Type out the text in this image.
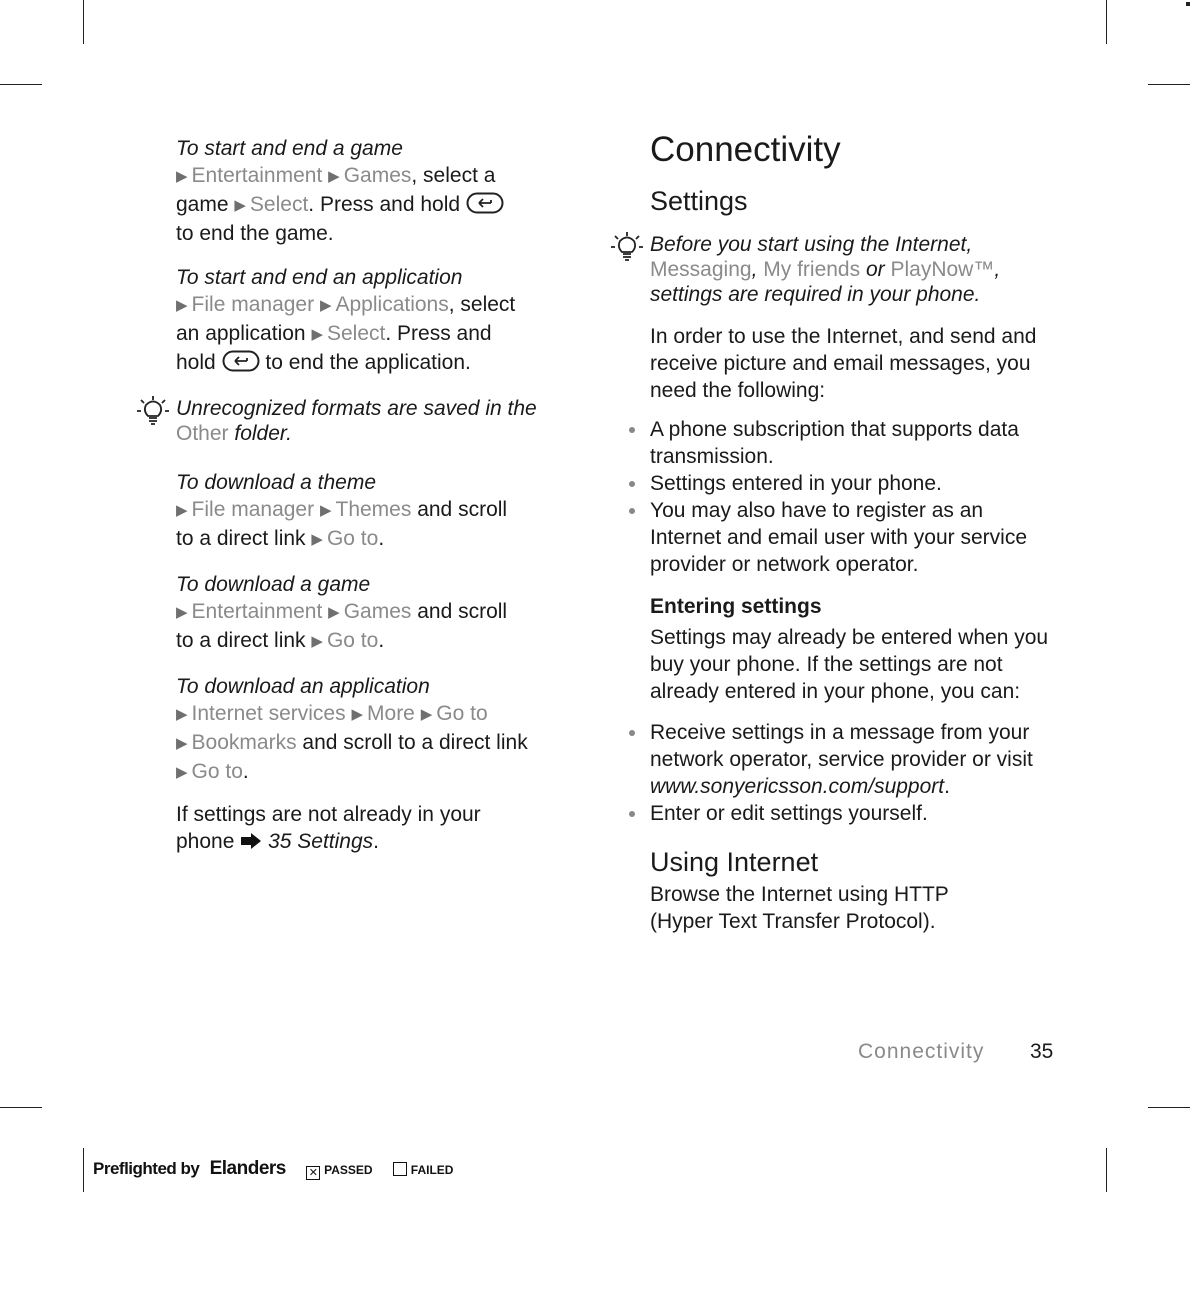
To start and end a game

▶ Entertainment ▶ Games, select a
game ▶ Select. Press and hold
to end the game.

To start and end an application

▶ File manager ▶ Applications, select
an application ▶ Select. Press and
hold to end the application.

Unrecognized formats are saved in the
Other folder.

To download a theme

▶ File manager ▶ Themes and scroll
to a direct link ▶ Go to.

To download a game

▶ Entertainment ▶ Games and scroll
to a direct link ▶ Go to.

To download an application

▶ Internet services ▶ More ▶ Go to
▶ Bookmarks and scroll to a direct link
▶ Go to.

If settings are not already in your
phone 35 Settings.

Connectivity
Settings
Before you start using the Internet,
Messaging, My friends or PlayNow™,
settings are required in your phone.

In order to use the Internet, and send and receive picture and email messages, you need the following:

A phone subscription that supports data transmission.
Settings entered in your phone.
You may also have to register as an Internet and email user with your service provider or network operator.

Entering settings

Settings may already be entered when you buy your phone. If the settings are not already entered in your phone, you can:

Receive settings in a message from your network operator, service provider or visit
www.sonyericsson.com/support.
Enter or edit settings yourself.
Using Internet

Browse the Internet using HTTP (Hyper Text Transfer Protocol).

Connectivity 35
Preflighted by Elanders ✕ PASSED	FAILED
